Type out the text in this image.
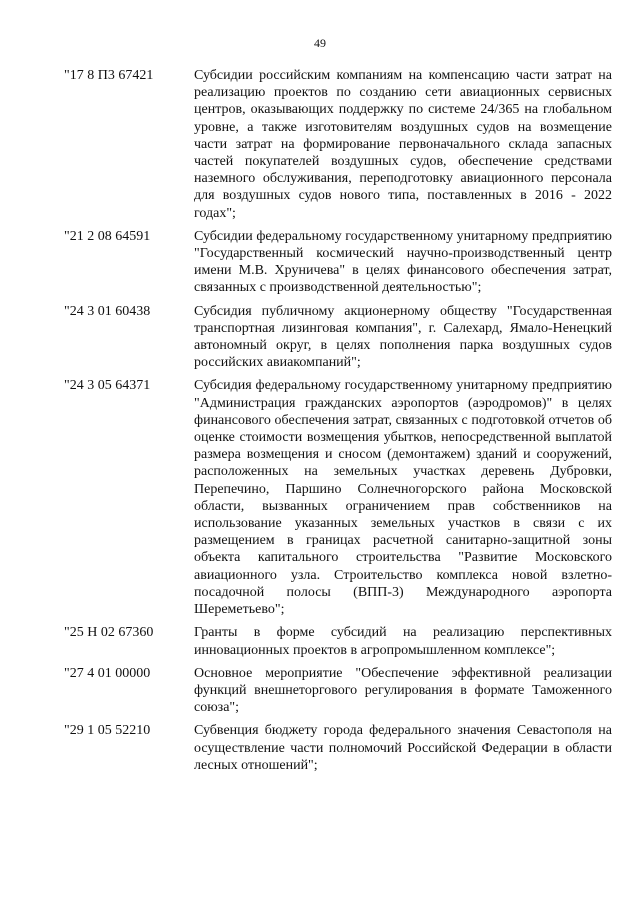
49
"17 8 П3 67421	Субсидии российским компаниям на компенсацию части затрат на реализацию проектов по созданию сети авиационных сервисных центров, оказывающих поддержку по системе 24/365 на глобальном уровне, а также изготовителям воздушных судов на возмещение части затрат на формирование первоначального склада запасных частей покупателей воздушных судов, обеспечение средствами наземного обслуживания, переподготовку авиационного персонала для воздушных судов нового типа, поставленных в 2016 - 2022 годах";
"21 2 08 64591	Субсидии федеральному государственному унитарному предприятию "Государственный космический научно-производственный центр имени М.В. Хруничева" в целях финансового обеспечения затрат, связанных с производственной деятельностью";
"24 3 01 60438	Субсидия публичному акционерному обществу "Государственная транспортная лизинговая компания", г. Салехард, Ямало-Ненецкий автономный округ, в целях пополнения парка воздушных судов российских авиакомпаний";
"24 3 05 64371	Субсидия федеральному государственному унитарному предприятию "Администрация гражданских аэропортов (аэродромов)" в целях финансового обеспечения затрат, связанных с подготовкой отчетов об оценке стоимости возмещения убытков, непосредственной выплатой размера возмещения и сносом (демонтажем) зданий и сооружений, расположенных на земельных участках деревень Дубровки, Перепечино, Паршино Солнечногорского района Московской области, вызванных ограничением прав собственников на использование указанных земельных участков в связи с их размещением в границах расчетной санитарно-защитной зоны объекта капитального строительства "Развитие Московского авиационного узла. Строительство комплекса новой взлетно-посадочной полосы (ВПП-3) Международного аэропорта Шереметьево";
"25 Н 02 67360	Гранты в форме субсидий на реализацию перспективных инновационных проектов в агропромышленном комплексе";
"27 4 01 00000	Основное мероприятие "Обеспечение эффективной реализации функций внешнеторгового регулирования в формате Таможенного союза";
"29 1 05 52210	Субвенция бюджету города федерального значения Севастополя на осуществление части полномочий Российской Федерации в области лесных отношений";
